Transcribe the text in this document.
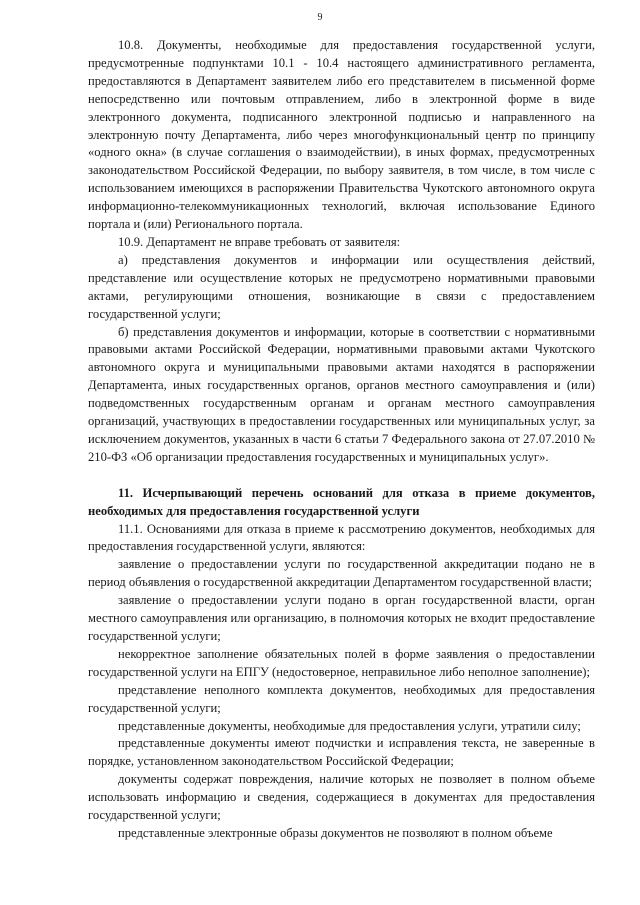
9

10.8. Документы, необходимые для предоставления государственной услуги, предусмотренные подпунктами 10.1 - 10.4 настоящего административного регламента, предоставляются в Департамент заявителем либо его представителем в письменной форме непосредственно или почтовым отправлением, либо в электронной форме в виде электронного документа, подписанного электронной подписью и направленного на электронную почту Департамента, либо через многофункциональный центр по принципу «одного окна» (в случае соглашения о взаимодействии), в иных формах, предусмотренных законодательством Российской Федерации, по выбору заявителя, в том числе, в том числе с использованием имеющихся в распоряжении Правительства Чукотского автономного округа информационно-телекоммуникационных технологий, включая использование Единого портала и (или) Регионального портала.

10.9. Департамент не вправе требовать от заявителя:

а) представления документов и информации или осуществления действий, представление или осуществление которых не предусмотрено нормативными правовыми актами, регулирующими отношения, возникающие в связи с предоставлением государственной услуги;

б) представления документов и информации, которые в соответствии с нормативными правовыми актами Российской Федерации, нормативными правовыми актами Чукотского автономного округа и муниципальными правовыми актами находятся в распоряжении Департамента, иных государственных органов, органов местного самоуправления и (или) подведомственных государственным органам и органам местного самоуправления организаций, участвующих в предоставлении государственных или муниципальных услуг, за исключением документов, указанных в части 6 статьи 7 Федерального закона от 27.07.2010 № 210-ФЗ «Об организации предоставления государственных и муниципальных услуг».

11. Исчерпывающий перечень оснований для отказа в приеме документов, необходимых для предоставления государственной услуги

11.1. Основаниями для отказа в приеме к рассмотрению документов, необходимых для предоставления государственной услуги, являются:

заявление о предоставлении услуги по государственной аккредитации подано не в период объявления о государственной аккредитации Департаментом государственной власти;

заявление о предоставлении услуги подано в орган государственной власти, орган местного самоуправления или организацию, в полномочия которых не входит предоставление государственной услуги;

некорректное заполнение обязательных полей в форме заявления о предоставлении государственной услуги на ЕПГУ (недостоверное, неправильное либо неполное заполнение);

представление неполного комплекта документов, необходимых для предоставления государственной услуги;

представленные документы, необходимые для предоставления услуги, утратили силу;

представленные документы имеют подчистки и исправления текста, не заверенные в порядке, установленном законодательством Российской Федерации;

документы содержат повреждения, наличие которых не позволяет в полном объеме использовать информацию и сведения, содержащиеся в документах для предоставления государственной услуги;

представленные электронные образы документов не позволяют в полном объеме
